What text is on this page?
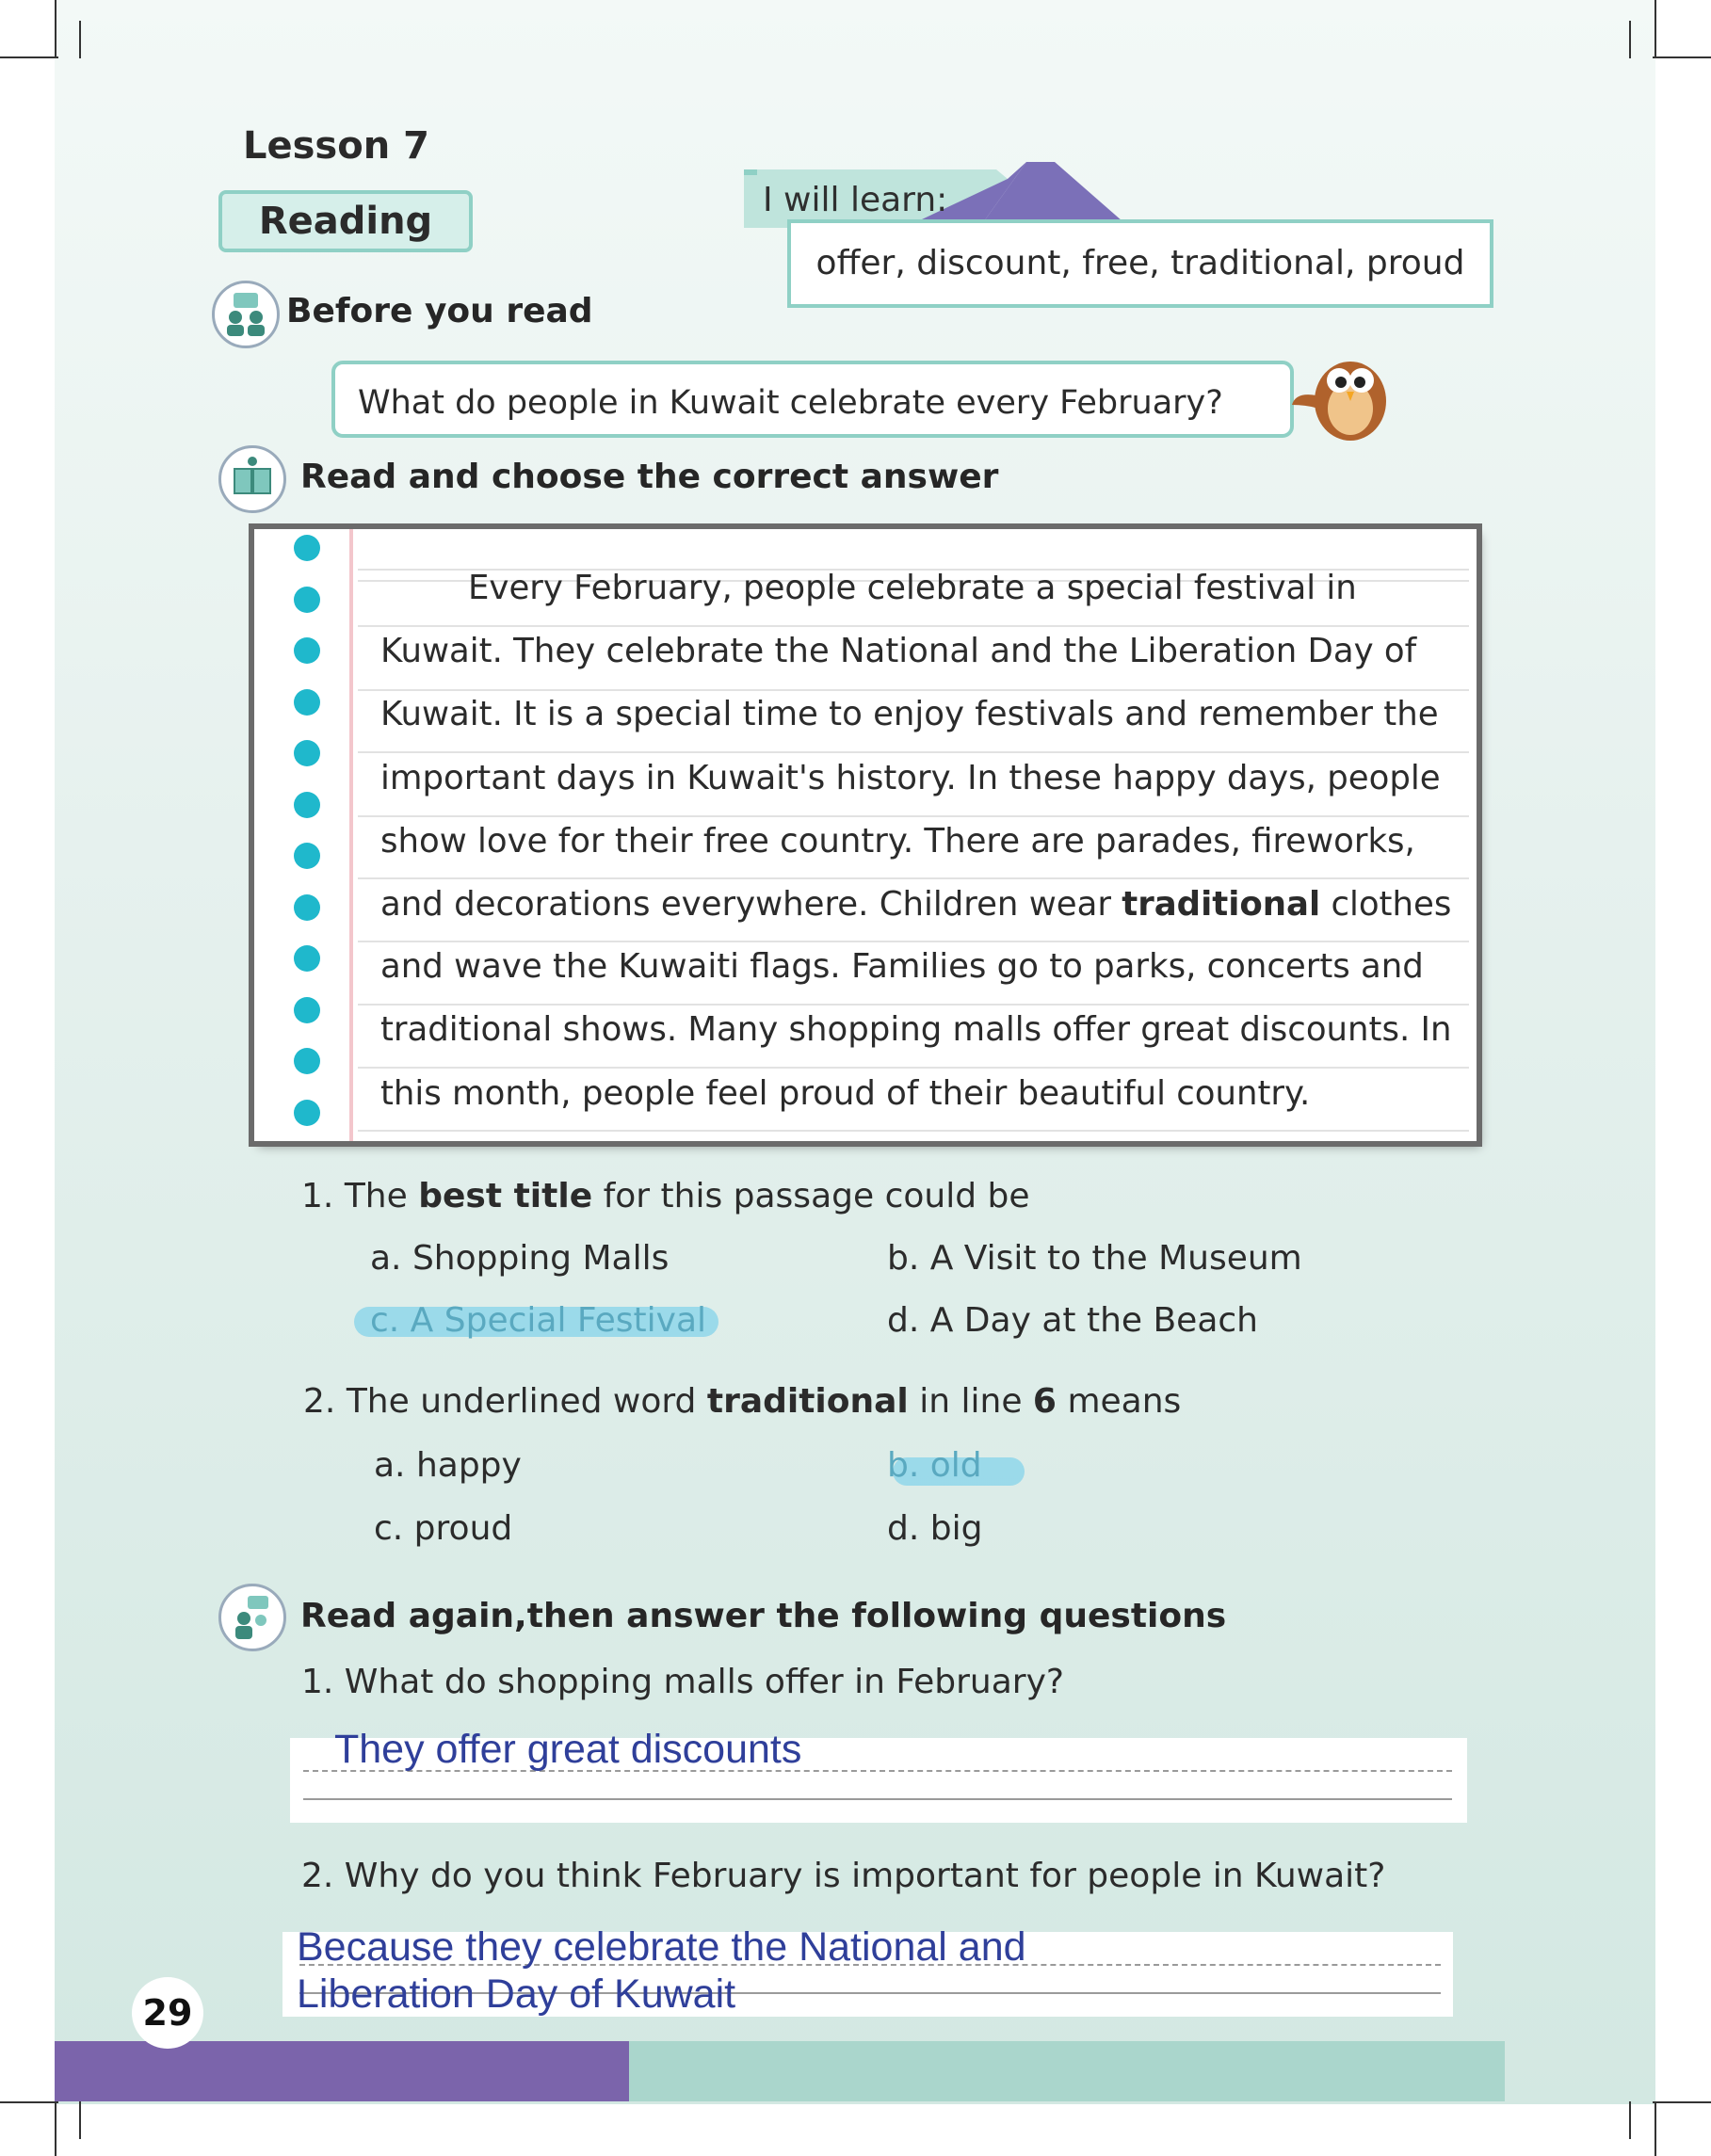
Lesson 7
Reading	I will learn:
offer, discount, free, traditional, proud
Before you read
What do people in Kuwait celebrate every February?
Read and choose the correct answer
Every February, people celebrate a special festival in
Kuwait. They celebrate the National and the Liberation Day of
Kuwait. It is a special time to enjoy festivals and remember the
important days in Kuwait's history. In these happy days, people
show love for their free country. There are parades, fireworks,
and decorations everywhere. Children wear traditional clothes
and wave the Kuwaiti flags. Families go to parks, concerts and
traditional shows. Many shopping malls offer great discounts. In
this month, people feel proud of their beautiful country.
1. The best title for this passage could be
a. Shopping Malls	b. A Visit to the Museum
c. A Special Festival	d. A Day at the Beach
2. The underlined word traditional in line 6 means
a. happy	b. old
c. proud	d. big
Read again,then answer the following questions
1. What do shopping malls offer in February?
They offer great discounts
2. Why do you think February is important for people in Kuwait?
Because they celebrate the National and
Liberation Day of Kuwait
29
